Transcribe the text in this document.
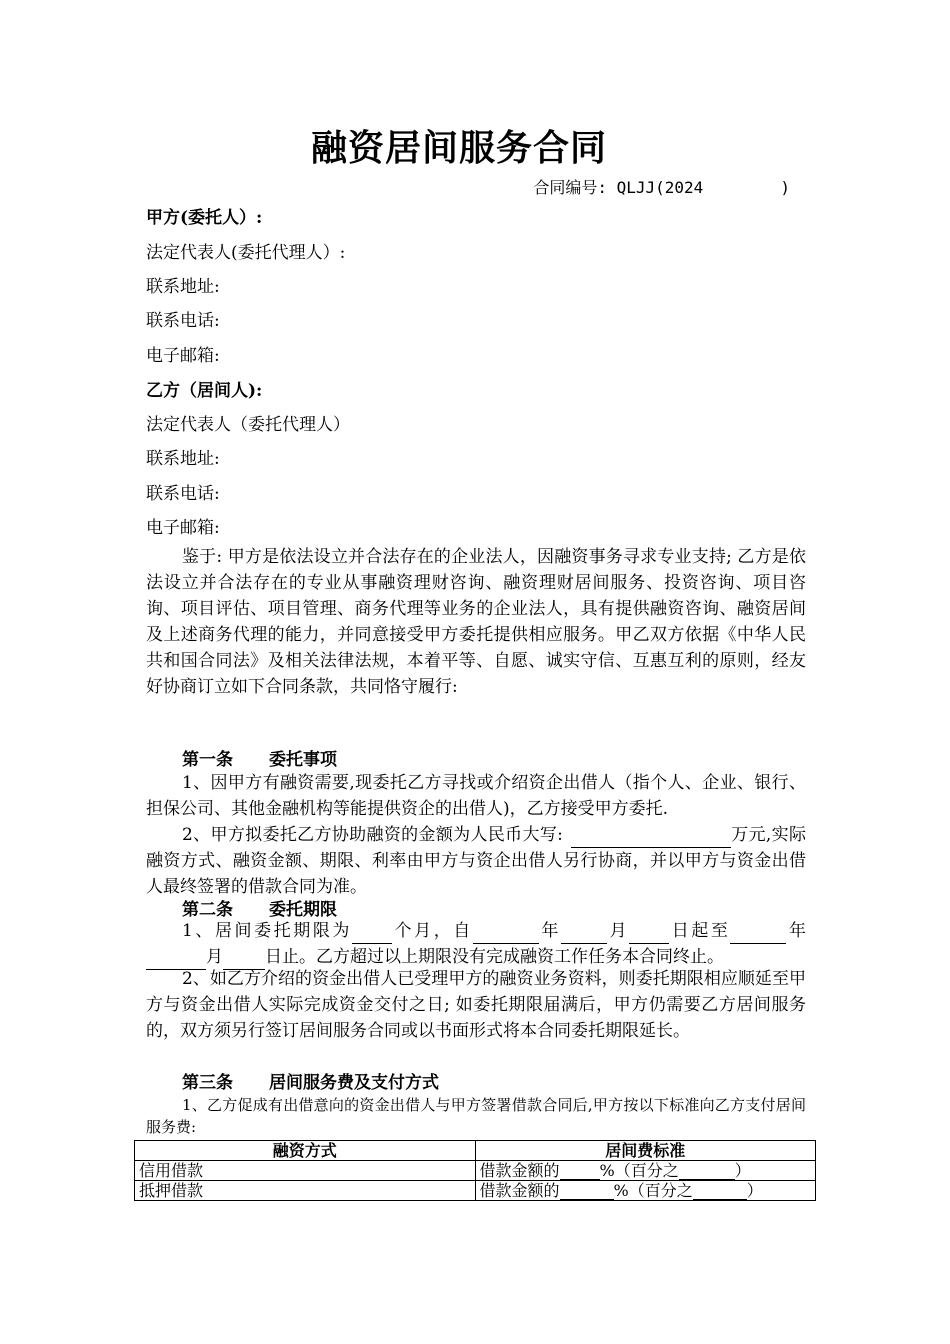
融资居间服务合同
合同编号: QLJJ(2024        )
甲方(委托人）:
法定代表人(委托代理人）:
联系地址:
联系电话:
电子邮箱:
乙方（居间人):
法定代表人（委托代理人）
联系地址:
联系电话:
电子邮箱:
鉴于: 甲方是依法设立并合法存在的企业法人，因融资事务寻求专业支持; 乙方是依法设立并合法存在的专业从事融资理财咨询、融资理财居间服务、投资咨询、项目咨询、项目评估、项目管理、商务代理等业务的企业法人，具有提供融资咨询、融资居间及上述商务代理的能力，并同意接受甲方委托提供相应服务。甲乙双方依据《中华人民共和国合同法》及相关法律法规，本着平等、自愿、诚实守信、互惠互利的原则，经友好协商订立如下合同条款，共同恪守履行:
第一条 委托事项
1、因甲方有融资需要,现委托乙方寻找或介绍资企出借人（指个人、企业、银行、担保公司、其他金融机构等能提供资企的出借人)，乙方接受甲方委托.
2、甲方拟委托乙方协助融资的金额为人民币大写:	万元,实际融资方式、融资金额、期限、利率由甲方与资企出借人另行协商，并以甲方与资金出借人最终签署的借款合同为准。
第二条 委托期限
1、居间委托期限为 个月，自	年	月 日起至	年月 日止。乙方超过以上期限没有完成融资工作任务本合同终止。
2、如乙方介绍的资金出借人已受理甲方的融资业务资料，则委托期限相应顺延至甲方与资金出借人实际完成资金交付之日; 如委托期限届满后，甲方仍需要乙方居间服务的，双方须另行签订居间服务合同或以书面形式将本合同委托期限延长。
第三条 居间服务费及支付方式
1、乙方促成有出借意向的资金出借人与甲方签署借款合同后,甲方按以下标准向乙方支付居间服务费:
融资方式	居间费标准
信用借款	借款金额的 %（百分之 ）
抵押借款	借款金额的 %（百分之 ）
